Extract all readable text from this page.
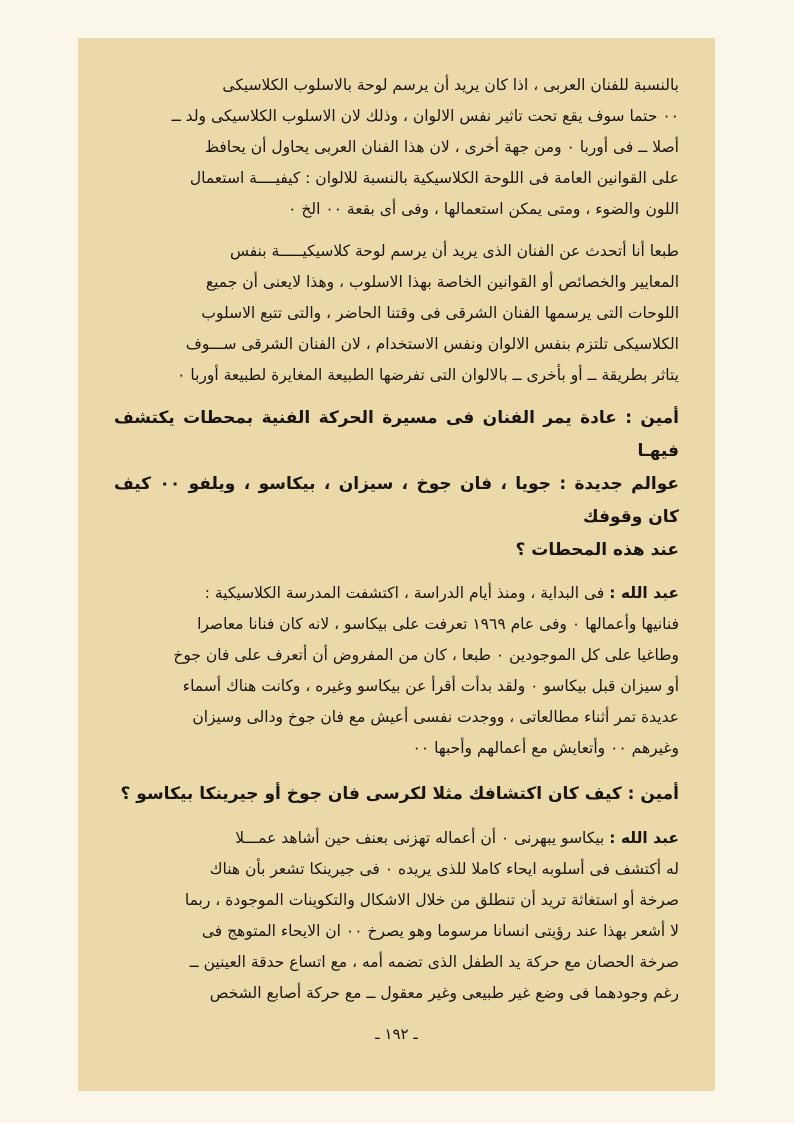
بالنسبة للفنان العربى ، اذا كان يريد أن يرسم لوحة بالاسلوب الكلاسيكى
٠٠ حتما سوف يقع تحت تاثير نفس الالوان ، وذلك لان الاسلوب الكلاسيكى ولد ــ
أصلا ــ فى أوربا ٠ ومن جهة أخرى ، لان هذا الفنان العربى يحاول أن يحافظ
على القوانين العامة فى اللوحة الكلاسيكية بالنسبة للالوان : كيفيــــة استعمال
اللون والضوء ، ومتى يمكن استعمالها ، وفى أى بقعة ٠٠ الخ ٠

طبعا أنا أتحدث عن الفنان الذى يريد أن يرسم لوحة كلاسيكيـــــة بنفس
المعايير والخصائص أو القوانين الخاصة بهذا الاسلوب ، وهذا لايعنى أن جميع
اللوحات التى يرسمها الفنان الشرقى فى وقتنا الحاضر ، والتى تتبع الاسلوب
الكلاسيكى تلتزم بنفس الالوان ونفس الاستخدام ، لان الفنان الشرقى ســـوف
يتاثر بطريقة ــ أو بأخرى ــ بالالوان التى تفرضها الطبيعة المغايرة لطبيعة أوربا ٠

أمين : عادة يمر الفنان فى مسيرة الحركة الفنية بمحطات يكتشف فيهـا
عوالم جديدة : جويا ، فان جوخ ، سيزان ، بيكاسو ، ويلفو ٠٠ كيف كان وقوفك
عند هذه المحطات ؟

عبد الله : فى البداية ، ومنذ أيام الدراسة ، اكتشفت المدرسة الكلاسيكية :
فنانيها وأعمالها ٠ وفى عام ١٩٦٩ تعرفت على بيكاسو ، لانه كان فنانا معاصرا
وطاغيا على كل الموجودين ٠ طبعا ، كان من المفروض أن أتعرف على فان جوخ
أو سيزان قبل بيكاسو ٠ ولقد بدأت أقرأ عن بيكاسو وغيره ، وكانت هناك أسماء
عديدة تمر أثناء مطالعاتى ، ووجدت نفسى أعيش مع فان جوخ ودالى وسيزان
وغيرهم ٠٠ وأتعايش مع أعمالهم وأحبها ٠٠

أمين : كيف كان اكتشافك مثلا لكرسى فان جوخ أو جيرينكا بيكاسو ؟

عبد الله : بيكاسو يبهرنى ٠ أن أعماله تهزنى بعنف حين أشاهد عمـــلا
له أكتشف فى أسلوبه ايحاء كاملا للذى يريده ٠ فى جيرينكا تشعر بأن هناك
صرخة أو استغاثة تريد أن تنطلق من خلال الاشكال والتكوينات الموجودة ، ربما
لا أشعر بهذا عند رؤيتى انسانا مرسوما وهو يصرخ ٠٠ ان الايحاء المتوهج فى
صرخة الحصان مع حركة يد الطفل الذى تضمه أمه ، مع اتساع حدقة العينين ــ
رغم وجودهما فى وضع غير طبيعى وغير معقول ــ مع حركة أصابع الشخص

ـ ١٩٢ ـ
